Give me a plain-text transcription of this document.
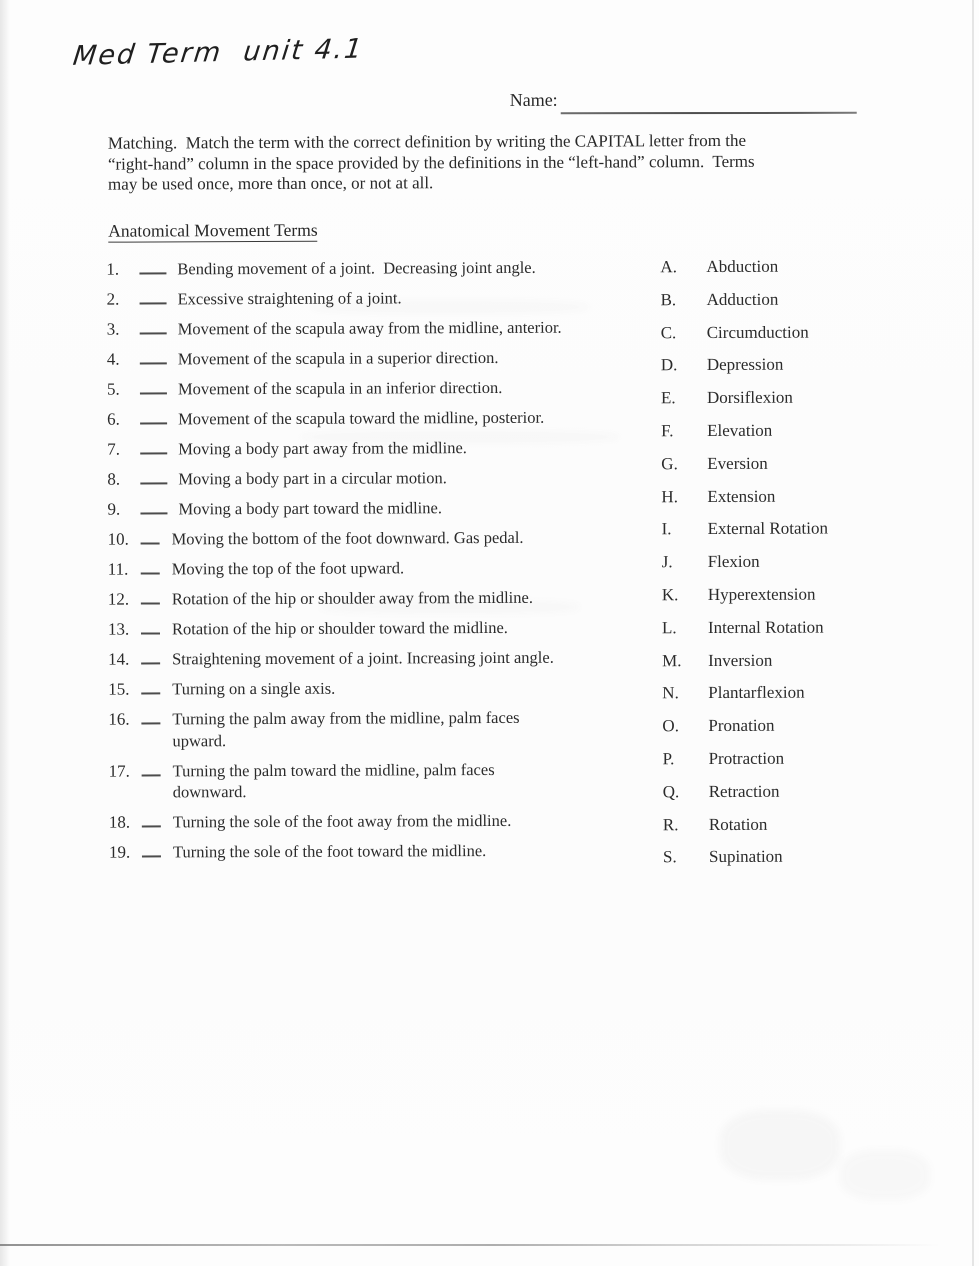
Med Term  unit 4.1
Name:
Matching.  Match the term with the correct definition by writing the CAPITAL letter from the
“right-hand” column in the space provided by the definitions in the “left-hand” column.  Terms
may be used once, more than once, or not at all.
Anatomical Movement Terms
1.	Bending movement of a joint.  Decreasing joint angle.
2.	Excessive straightening of a joint.
3.	Movement of the scapula away from the midline, anterior.
4.	Movement of the scapula in a superior direction.
5.	Movement of the scapula in an inferior direction.
6.	Movement of the scapula toward the midline, posterior.
7.	Moving a body part away from the midline.
8.	Moving a body part in a circular motion.
9.	Moving a body part toward the midline.
10.	Moving the bottom of the foot downward. Gas pedal.
11.	Moving the top of the foot upward.
12.	Rotation of the hip or shoulder away from the midline.
13.	Rotation of the hip or shoulder toward the midline.
14.	Straightening movement of a joint. Increasing joint angle.
15.	Turning on a single axis.
16.	Turning the palm away from the midline, palm faces
upward.
17.	Turning the palm toward the midline, palm faces
downward.
18.	Turning the sole of the foot away from the midline.
19.	Turning the sole of the foot toward the midline.
A.	Abduction
B.	Adduction
C.	Circumduction
D.	Depression
E.	Dorsiflexion
F.	Elevation
G.	Eversion
H.	Extension
I.	External Rotation
J.	Flexion
K.	Hyperextension
L.	Internal Rotation
M.	Inversion
N.	Plantarflexion
O.	Pronation
P.	Protraction
Q.	Retraction
R.	Rotation
S.	Supination
